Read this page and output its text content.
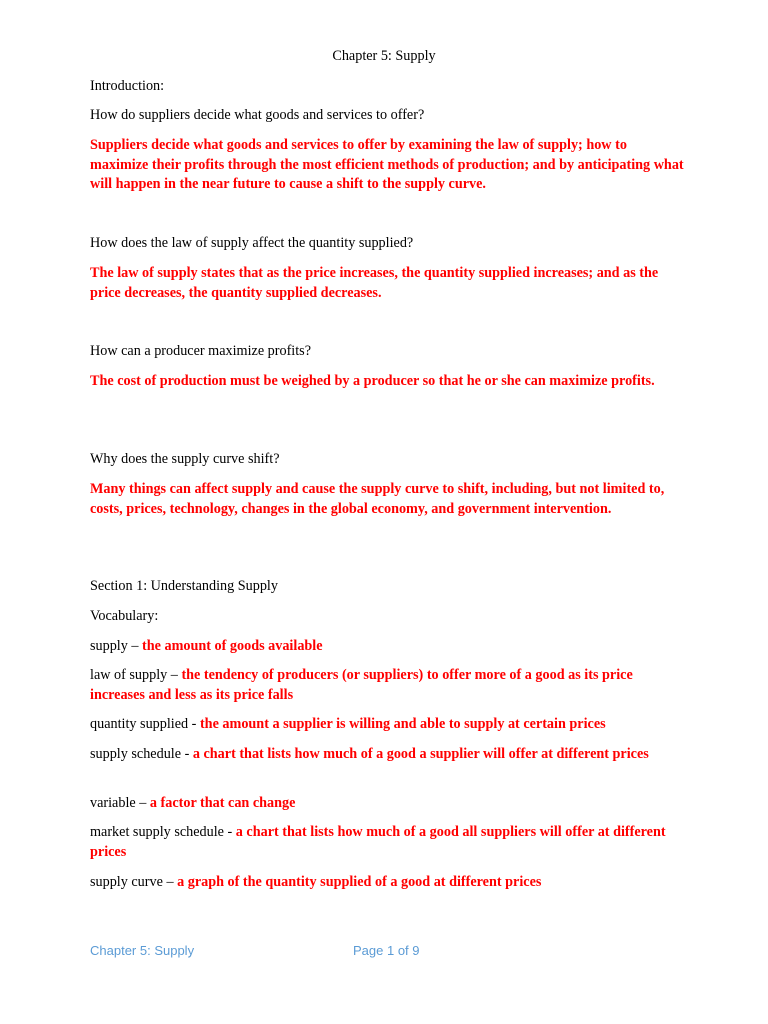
Chapter 5: Supply
Introduction:
How do suppliers decide what goods and services to offer?
Suppliers decide what goods and services to offer by examining the law of supply; how to maximize their profits through the most efficient methods of production; and by anticipating what will happen in the near future to cause a shift to the supply curve.
How does the law of supply affect the quantity supplied?
The law of supply states that as the price increases, the quantity supplied increases; and as the price decreases, the quantity supplied decreases.
How can a producer maximize profits?
The cost of production must be weighed by a producer so that he or she can maximize profits.
Why does the supply curve shift?
Many things can affect supply and cause the supply curve to shift, including, but not limited to, costs, prices, technology, changes in the global economy, and government intervention.
Section 1: Understanding Supply
Vocabulary:
supply – the amount of goods available
law of supply – the tendency of producers (or suppliers) to offer more of a good as its price increases and less as its price falls
quantity supplied - the amount a supplier is willing and able to supply at certain prices
supply schedule - a chart that lists how much of a good a supplier will offer at different prices
variable – a factor that can change
market supply schedule - a chart that lists how much of a good all suppliers will offer at different prices
supply curve – a graph of the quantity supplied of a good at different prices
Chapter 5: Supply	Page 1 of 9
